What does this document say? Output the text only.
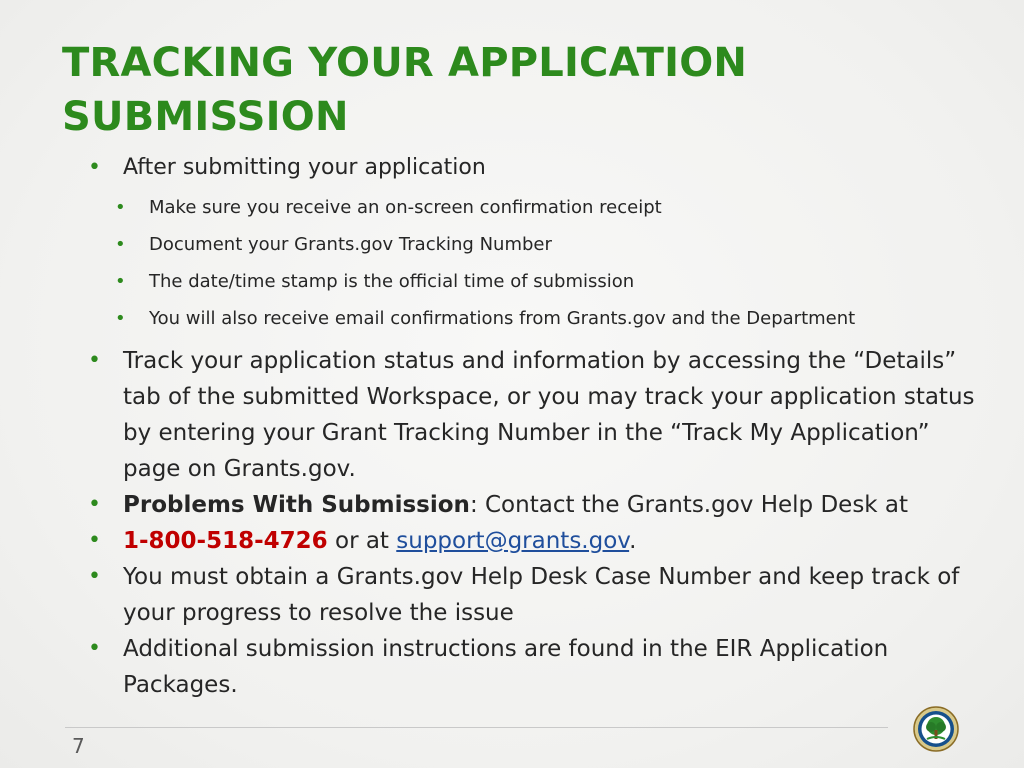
TRACKING YOUR APPLICATION SUBMISSION
• After submitting your application
• Make sure you receive an on-screen confirmation receipt
• Document your Grants.gov Tracking Number
• The date/time stamp is the official time of submission
• You will also receive email confirmations from Grants.gov and the Department
• Track your application status and information by accessing the “Details” tab of the submitted Workspace, or you may track your application status by entering your Grant Tracking Number in the “Track My Application” page on Grants.gov.
• Problems With Submission: Contact the Grants.gov Help Desk at
• 1-800-518-4726 or at support@grants.gov.
• You must obtain a Grants.gov Help Desk Case Number and keep track of your progress to resolve the issue
• Additional submission instructions are found in the EIR Application Packages.
7
